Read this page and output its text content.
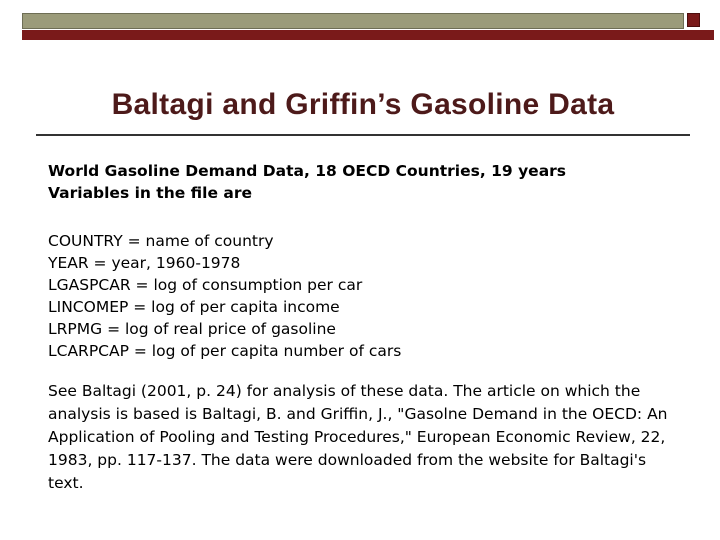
Baltagi and Griffin’s Gasoline Data
World Gasoline Demand Data, 18 OECD Countries, 19 years
Variables in the file are
COUNTRY = name of country
YEAR = year, 1960-1978
LGASPCAR = log of consumption per car
LINCOMEP = log of per capita income
LRPMG = log of real price of gasoline
LCARPCAP = log of per capita number of cars
See Baltagi (2001, p. 24) for analysis of these data. The article on which the
analysis is based is Baltagi, B. and Griffin, J., "Gasolne Demand in the OECD: An
Application of Pooling and Testing Procedures," European Economic Review, 22,
1983, pp. 117-137. The data were downloaded from the website for Baltagi's
text.
